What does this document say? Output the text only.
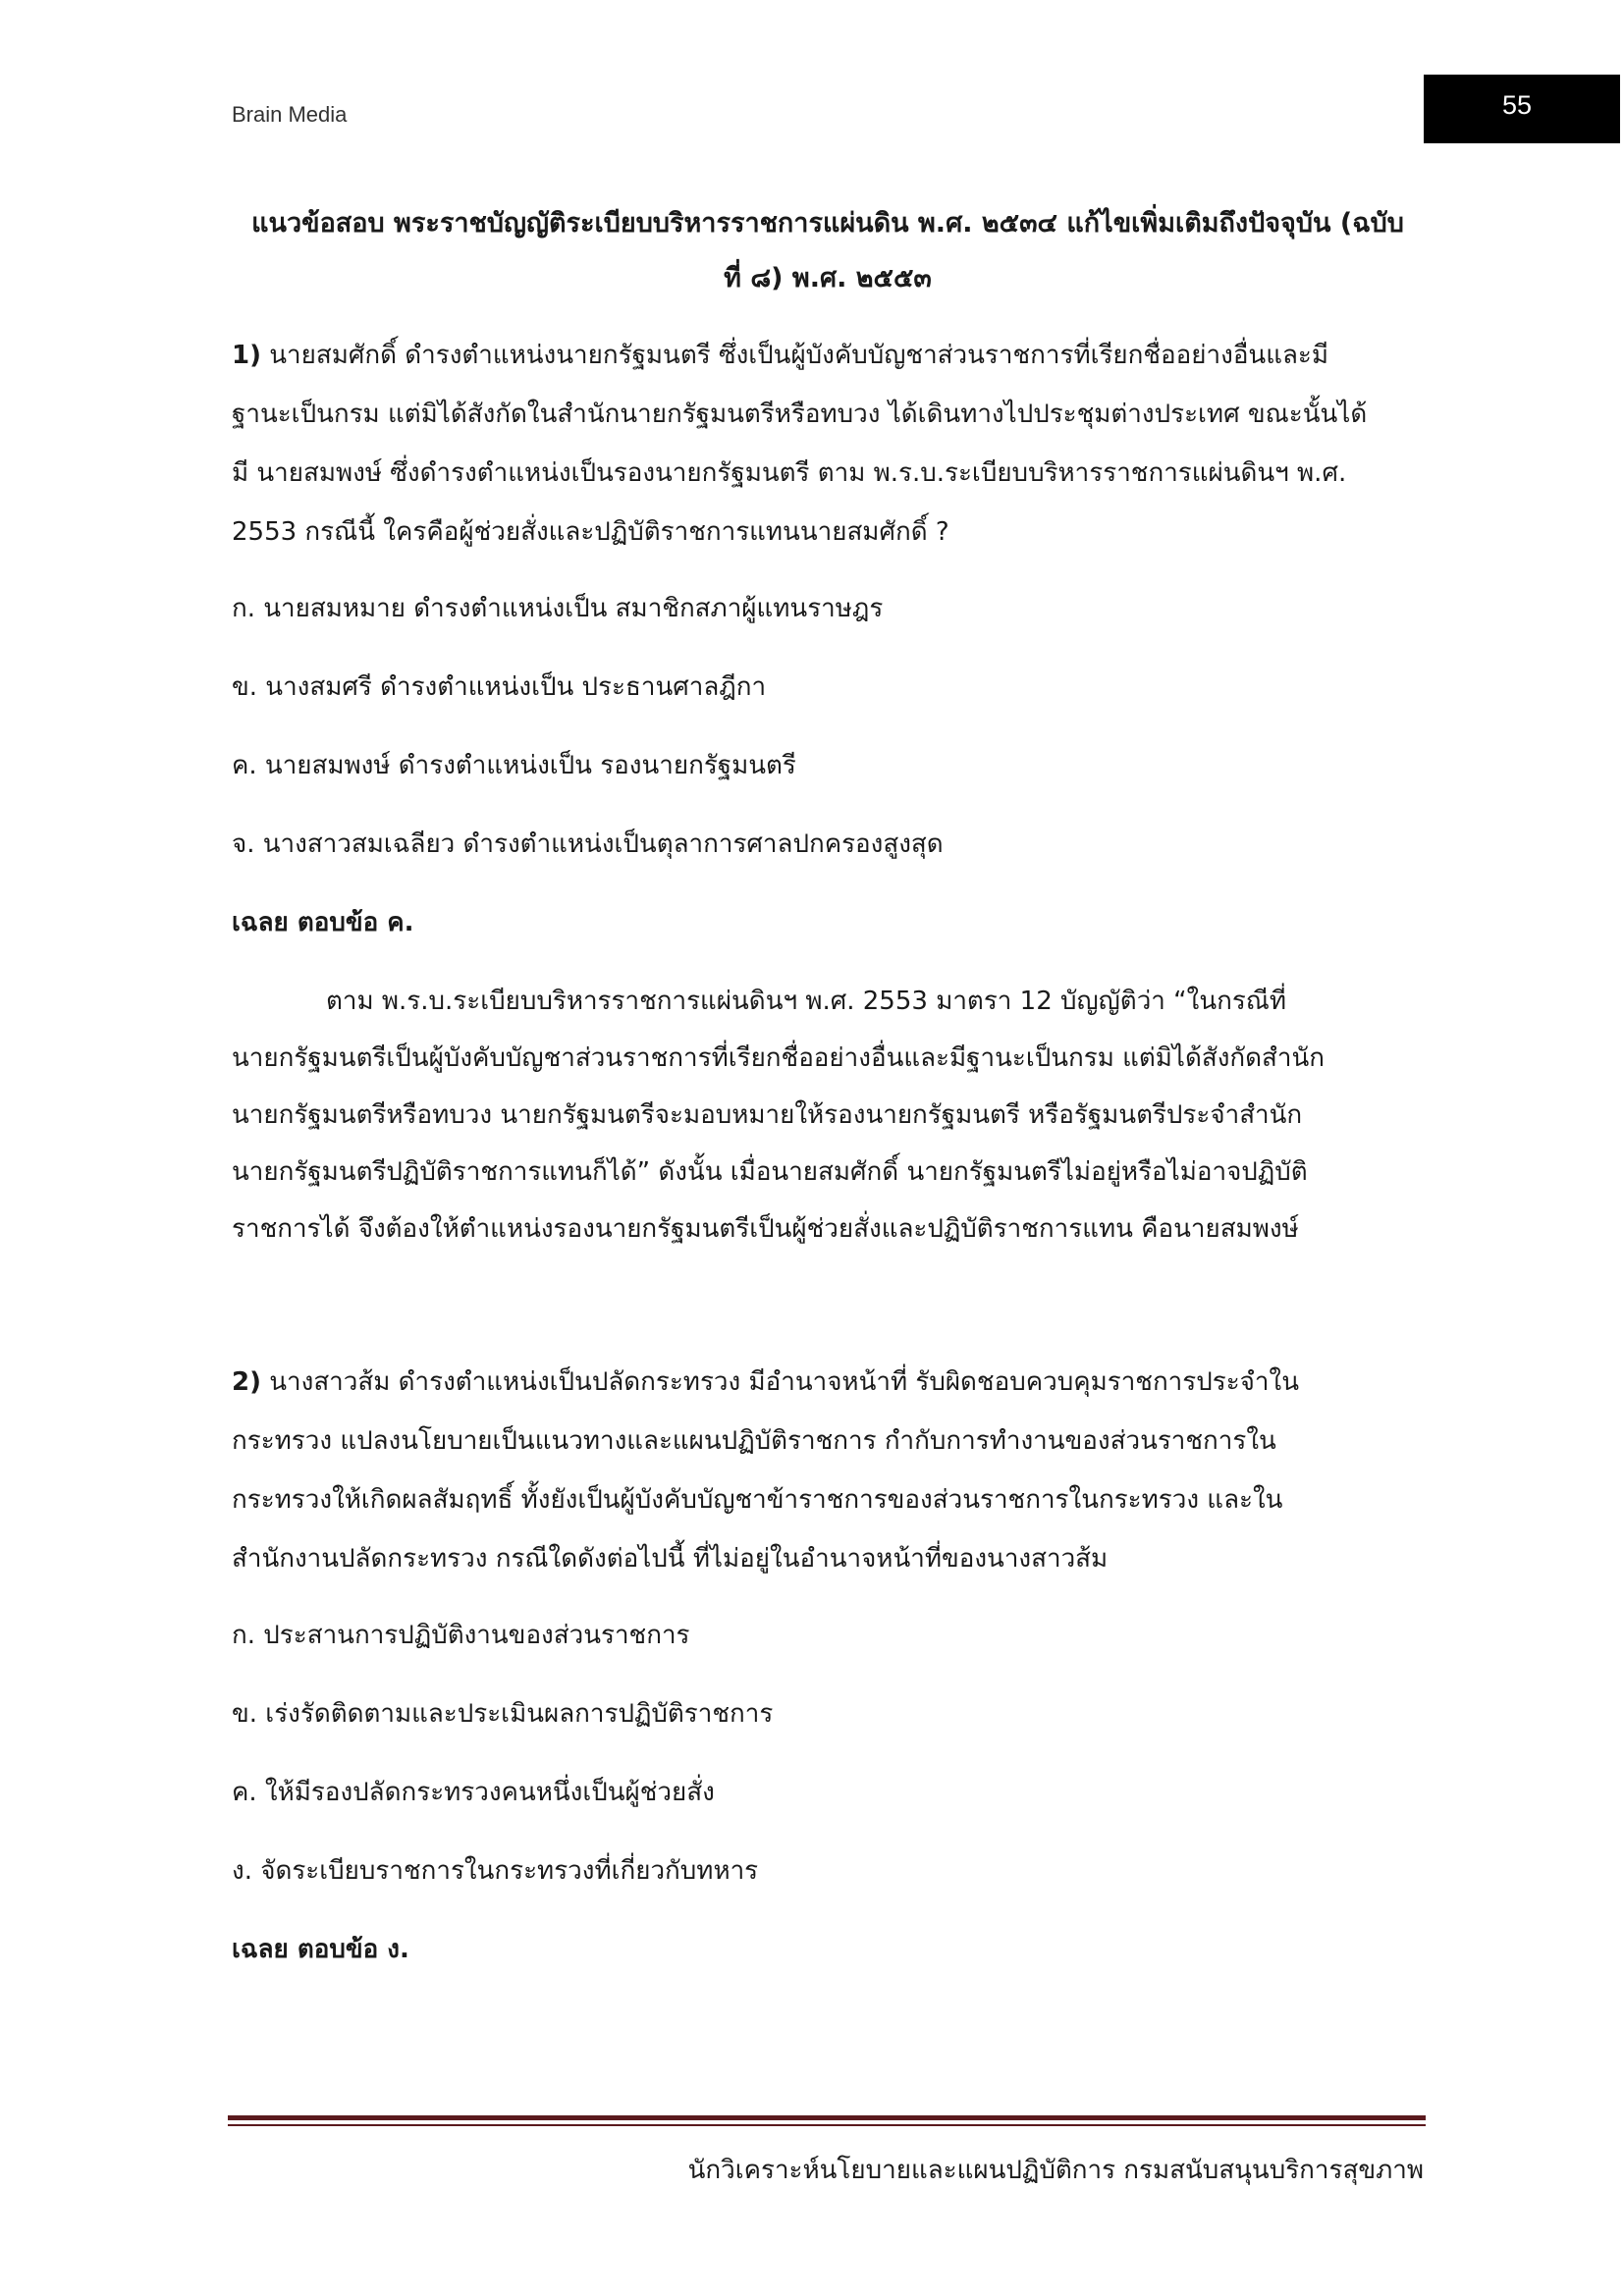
Brain Media	55
แนวข้อสอบ พระราชบัญญัติระเบียบบริหารราชการแผ่นดิน พ.ศ. ๒๕๓๔ แก้ไขเพิ่มเติมถึงปัจจุบัน (ฉบับ
ที่ ๘) พ.ศ. ๒๕๕๓
1) นายสมศักดิ์ ดำรงตำแหน่งนายกรัฐมนตรี ซึ่งเป็นผู้บังคับบัญชาส่วนราชการที่เรียกชื่ออย่างอื่นและมี
ฐานะเป็นกรม แต่มิได้สังกัดในสำนักนายกรัฐมนตรีหรือทบวง ได้เดินทางไปประชุมต่างประเทศ ขณะนั้นได้
มี นายสมพงษ์ ซึ่งดำรงตำแหน่งเป็นรองนายกรัฐมนตรี ตาม พ.ร.บ.ระเบียบบริหารราชการแผ่นดินฯ พ.ศ.
2553 กรณีนี้ ใครคือผู้ช่วยสั่งและปฏิบัติราชการแทนนายสมศักดิ์ ?
ก. นายสมหมาย ดำรงตำแหน่งเป็น สมาชิกสภาผู้แทนราษฎร
ข. นางสมศรี ดำรงตำแหน่งเป็น ประธานศาลฎีกา
ค. นายสมพงษ์ ดำรงตำแหน่งเป็น รองนายกรัฐมนตรี
จ. นางสาวสมเฉลียว ดำรงตำแหน่งเป็นตุลาการศาลปกครองสูงสุด
เฉลย ตอบข้อ ค.
ตาม พ.ร.บ.ระเบียบบริหารราชการแผ่นดินฯ พ.ศ. 2553 มาตรา 12 บัญญัติว่า “ในกรณีที่
นายกรัฐมนตรีเป็นผู้บังคับบัญชาส่วนราชการที่เรียกชื่ออย่างอื่นและมีฐานะเป็นกรม แต่มิได้สังกัดสำนัก
นายกรัฐมนตรีหรือทบวง นายกรัฐมนตรีจะมอบหมายให้รองนายกรัฐมนตรี หรือรัฐมนตรีประจำสำนัก
นายกรัฐมนตรีปฏิบัติราชการแทนก็ได้” ดังนั้น เมื่อนายสมศักดิ์ นายกรัฐมนตรีไม่อยู่หรือไม่อาจปฏิบัติ
ราชการได้ จึงต้องให้ตำแหน่งรองนายกรัฐมนตรีเป็นผู้ช่วยสั่งและปฏิบัติราชการแทน คือนายสมพงษ์
2) นางสาวส้ม ดำรงตำแหน่งเป็นปลัดกระทรวง มีอำนาจหน้าที่ รับผิดชอบควบคุมราชการประจำใน
กระทรวง แปลงนโยบายเป็นแนวทางและแผนปฏิบัติราชการ กำกับการทำงานของส่วนราชการใน
กระทรวงให้เกิดผลสัมฤทธิ์ ทั้งยังเป็นผู้บังคับบัญชาข้าราชการของส่วนราชการในกระทรวง และใน
สำนักงานปลัดกระทรวง กรณีใดดังต่อไปนี้ ที่ไม่อยู่ในอำนาจหน้าที่ของนางสาวส้ม
ก. ประสานการปฏิบัติงานของส่วนราชการ
ข. เร่งรัดติดตามและประเมินผลการปฏิบัติราชการ
ค. ให้มีรองปลัดกระทรวงคนหนึ่งเป็นผู้ช่วยสั่ง
ง. จัดระเบียบราชการในกระทรวงที่เกี่ยวกับทหาร
เฉลย ตอบข้อ ง.
นักวิเคราะห์นโยบายและแผนปฏิบัติการ กรมสนับสนุนบริการสุขภาพ
